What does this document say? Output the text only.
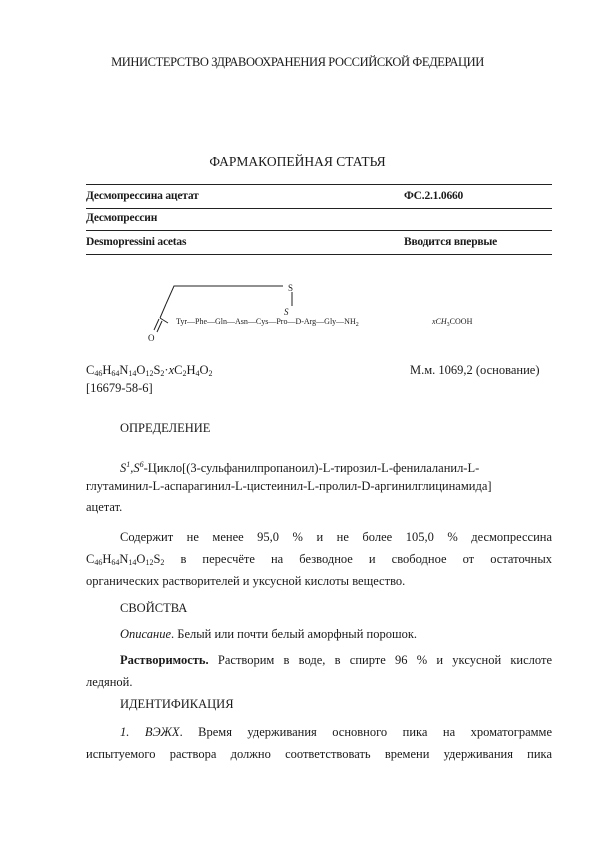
МИНИСТЕРСТВО ЗДРАВООХРАНЕНИЯ РОССИЙСКОЙ ФЕДЕРАЦИИ
ФАРМАКОПЕЙНАЯ СТАТЬЯ
Десмопрессина ацетат	ФС.2.1.0660
Десмопрессин
Desmopressini acetas	Вводится впервые
S
S
O
$Tyr—Phe—Gln—Asn—Cys—Pro—D-Arg—Gly—NH_2$	xCH$_3$COOH
$C_{46}H_{64}N_{14}O_{12}S_2\cdot xC_2H_4O_2$	М.м. 1069,2 (основание)
[16679-58-6]
ОПРЕДЕЛЕНИЕ
$S^1,S^6-Цикло[(3-сульфанилпропаноил)-L-тирозил-L-фенилаланил-L-$
глутаминил-L-аспарагинил-L-цистеинил-L-пролил-D-аргинилглицинамида]
ацетат.
Содержит не менее 95,0 % и не более 105,0 % десмопрессина
$C_{46}H_{64}N_{14}O_{12}S_2$ в пересчёте на безводное и свободное от остаточных
органических растворителей и уксусной кислоты вещество.
СВОЙСТВА
Описание. Белый или почти белый аморфный порошок.
Растворимость. Растворим в воде, в спирте 96 % и уксусной кислоте
ледяной.
ИДЕНТИФИКАЦИЯ
1. ВЭЖХ. Время удерживания основного пика на хроматограмме
испытуемого раствора должно соответствовать времени удерживания пика
